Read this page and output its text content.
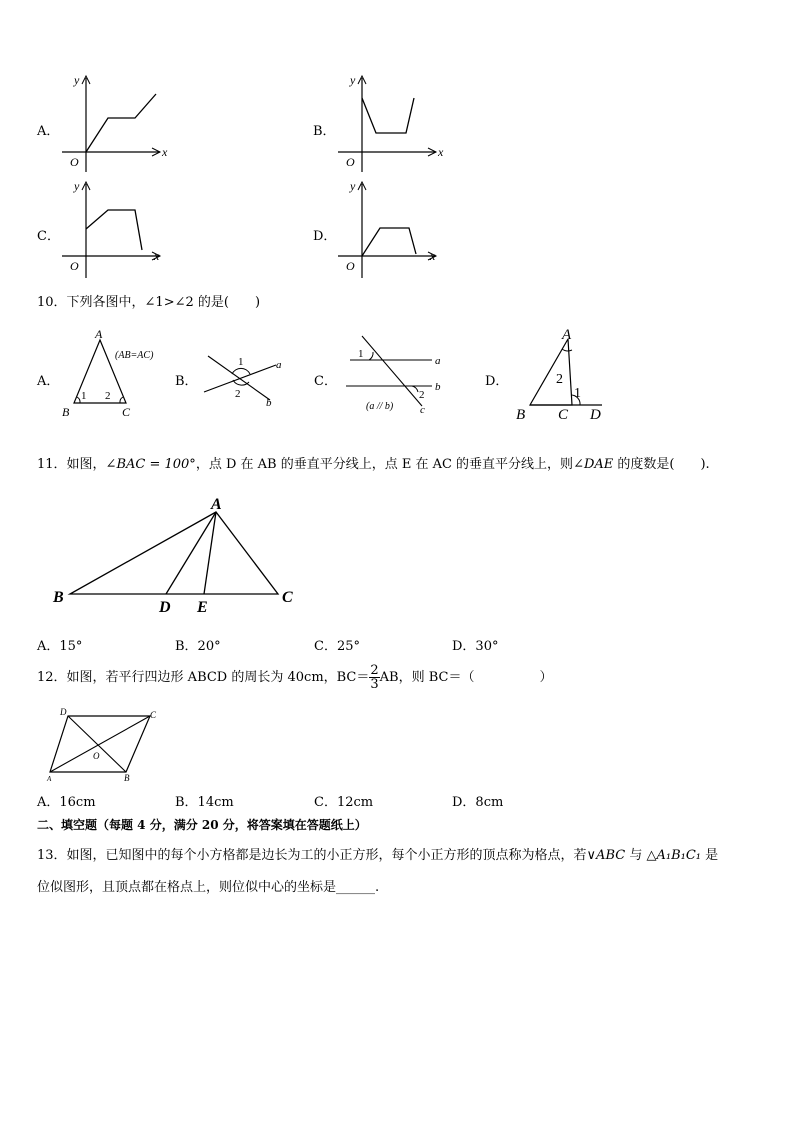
A．
y
x
O
B．
y
x
O
C．
y
x
O
D．
y
x
O
10．下列各图中，∠1>∠2 的是(　　)
A．
A
B	C
1 2
(AB=AC)
B．
1
2
a
b
C．
1
2
a
b
c
(a // b)
D．
A
B C D
2
1
11．如图，∠BAC = 100°，点 D 在 AB 的垂直平分线上，点 E 在 AC 的垂直平分线上，则∠DAE 的度数是(　　).
A
B
D E
C
A．15°	B．20°	C．25°	D．30°
12．如图，若平行四边形 ABCD 的周长为 40cm，$BC= \frac{2}{3}$ AB，则 BC＝（　　　　　）
D	C
A	B
O
A．16cm	B．14cm	C．12cm	D．8cm
二、填空题（每题 4 分，满分 20 分，将答案填在答题纸上）
13．如图，已知图中的每个小方格都是边长为工的小正方形，每个小正方形的顶点称为格点，若∨ABC 与 △A₁B₁C₁ 是
位似图形，且顶点都在格点上，则位似中心的坐标是______.
